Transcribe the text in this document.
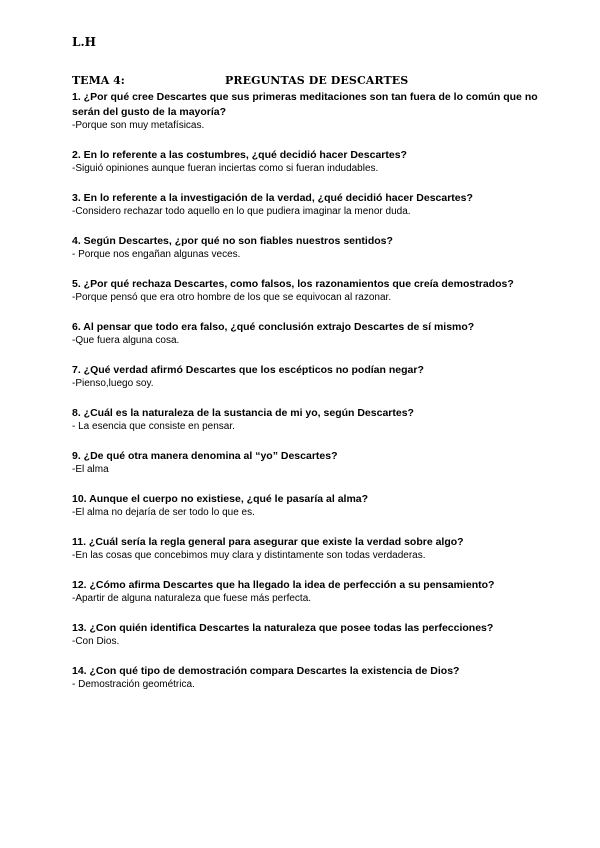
L.H
TEMA 4:	PREGUNTAS DE DESCARTES

1. ¿Por qué cree Descartes que sus primeras meditaciones son tan fuera de lo común que no serán del gusto de la mayoría?

-Porque son muy metafísicas.

2. En lo referente a las costumbres, ¿qué decidió hacer Descartes?

-Siguió opiniones aunque fueran inciertas como si fueran indudables.

3. En lo referente a la investigación de la verdad, ¿qué decidió hacer Descartes?

-Considero rechazar todo aquello en lo que pudiera imaginar la menor duda.

4. Según Descartes, ¿por qué no son fiables nuestros sentidos?

- Porque nos engañan algunas veces.

5. ¿Por qué rechaza Descartes, como falsos, los razonamientos que creía demostrados?

-Porque pensó que era otro hombre de los que se equivocan al razonar.

6. Al pensar que todo era falso, ¿qué conclusión extrajo Descartes de sí mismo?

-Que fuera alguna cosa.

7. ¿Qué verdad afirmó Descartes que los escépticos no podían negar?

-Pienso,luego soy.

8. ¿Cuál es la naturaleza de la sustancia de mi yo, según Descartes?

- La esencia que consiste en pensar.

9. ¿De qué otra manera denomina al “yo” Descartes?

-El alma

10. Aunque el cuerpo no existiese, ¿qué le pasaría al alma?

-El alma no dejaría de ser todo lo que es.

11. ¿Cuál sería la regla general para asegurar que existe la verdad sobre algo?

-En las cosas que concebimos muy clara y distintamente son todas verdaderas.

12. ¿Cómo afirma Descartes que ha llegado la idea de perfección a su pensamiento?

-Apartir de alguna naturaleza que fuese más perfecta.

13. ¿Con quién identifica Descartes la naturaleza que posee todas las perfecciones?

-Con Dios.

14. ¿Con qué tipo de demostración compara Descartes la existencia de Dios?

- Demostración geométrica.
